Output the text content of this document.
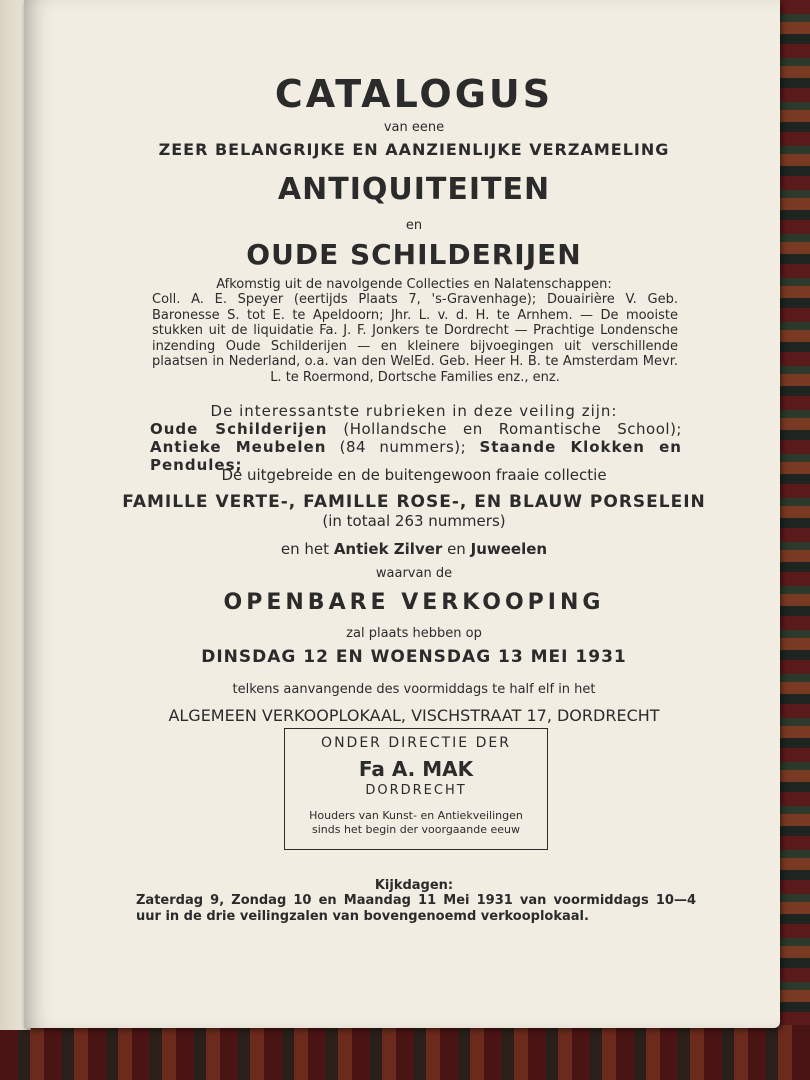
CATALOGUS
van eene
ZEER BELANGRIJKE EN AANZIENLIJKE VERZAMELING
ANTIQUITEITEN
en
OUDE SCHILDERIJEN
Afkomstig uit de navolgende Collecties en Nalatenschappen:
Coll. A. E. Speyer (eertijds Plaats 7, 's-Gravenhage); Douairière V. Geb. Baronesse S. tot E. te Apeldoorn; Jhr. L. v. d. H. te Arnhem. — De mooiste stukken uit de liquidatie Fa. J. F. Jonkers te Dordrecht — Prachtige Londensche inzending Oude Schilderijen — en kleinere bijvoegingen uit verschillende plaatsen in Nederland, o.a. van den WelEd. Geb. Heer H. B. te Amsterdam Mevr. L. te Roermond, Dortsche Families enz., enz.
De interessantste rubrieken in deze veiling zijn:
Oude Schilderijen (Hollandsche en Romantische School); Antieke Meubelen (84 nummers); Staande Klokken en Pendules;
De uitgebreide en de buitengewoon fraaie collectie
FAMILLE VERTE-, FAMILLE ROSE-, EN BLAUW PORSELEIN
(in totaal 263 nummers)
en het Antiek Zilver en Juweelen
waarvan de
OPENBARE VERKOOPING
zal plaats hebben op
DINSDAG 12 EN WOENSDAG 13 MEI 1931
telkens aanvangende des voormiddags te half elf in het
ALGEMEEN VERKOOPLOKAAL, VISCHSTRAAT 17, DORDRECHT
ONDER DIRECTIE DER
Fa A. MAK
DORDRECHT
Houders van Kunst- en Antiekveilingen
sinds het begin der voorgaande eeuw
Kijkdagen:
Zaterdag 9, Zondag 10 en Maandag 11 Mei 1931 van voormiddags 10—4 uur in de drie veilingzalen van bovengenoemd verkooplokaal.
